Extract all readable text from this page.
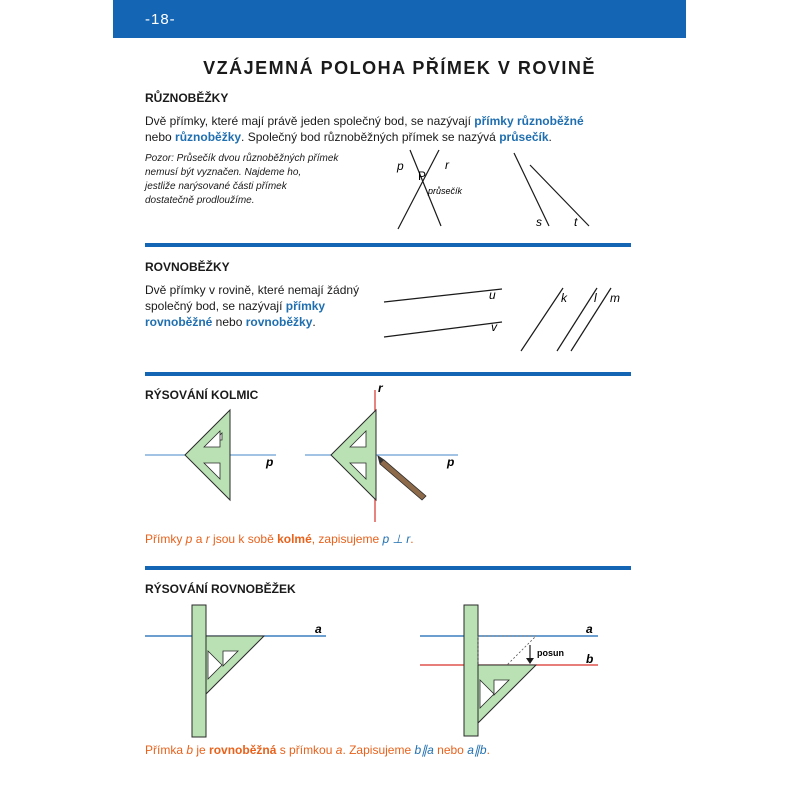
-18-
VZÁJEMNÁ POLOHA PŘÍMEK V ROVINĚ
RŮZNOBĚŽKY
Dvě přímky, které mají právě jeden společný bod, se nazývají přímky různoběžné
nebo různoběžky. Společný bod různoběžných přímek se nazývá průsečík.
Pozor: Průsečík dvou různoběžných přímek
nemusí být vyznačen. Najdeme ho,
jestliže narýsované části přímek
dostatečně prodloužíme.
ROVNOBĚŽKY
Dvě přímky v rovině, které nemají žádný
společný bod, se nazývají přímky
rovnoběžné nebo rovnoběžky.
RÝSOVÁNÍ KOLMIC
Přímky p a r jsou k sobě kolmé, zapisujeme p ⊥ r.
RÝSOVÁNÍ ROVNOBĚŽEK
Přímka b je rovnoběžná s přímkou a. Zapisujeme b∥a nebo a∥b.
p
P
r
průsečík
s	t
u
v
k l m
p
r
p
a
posun
a
b
